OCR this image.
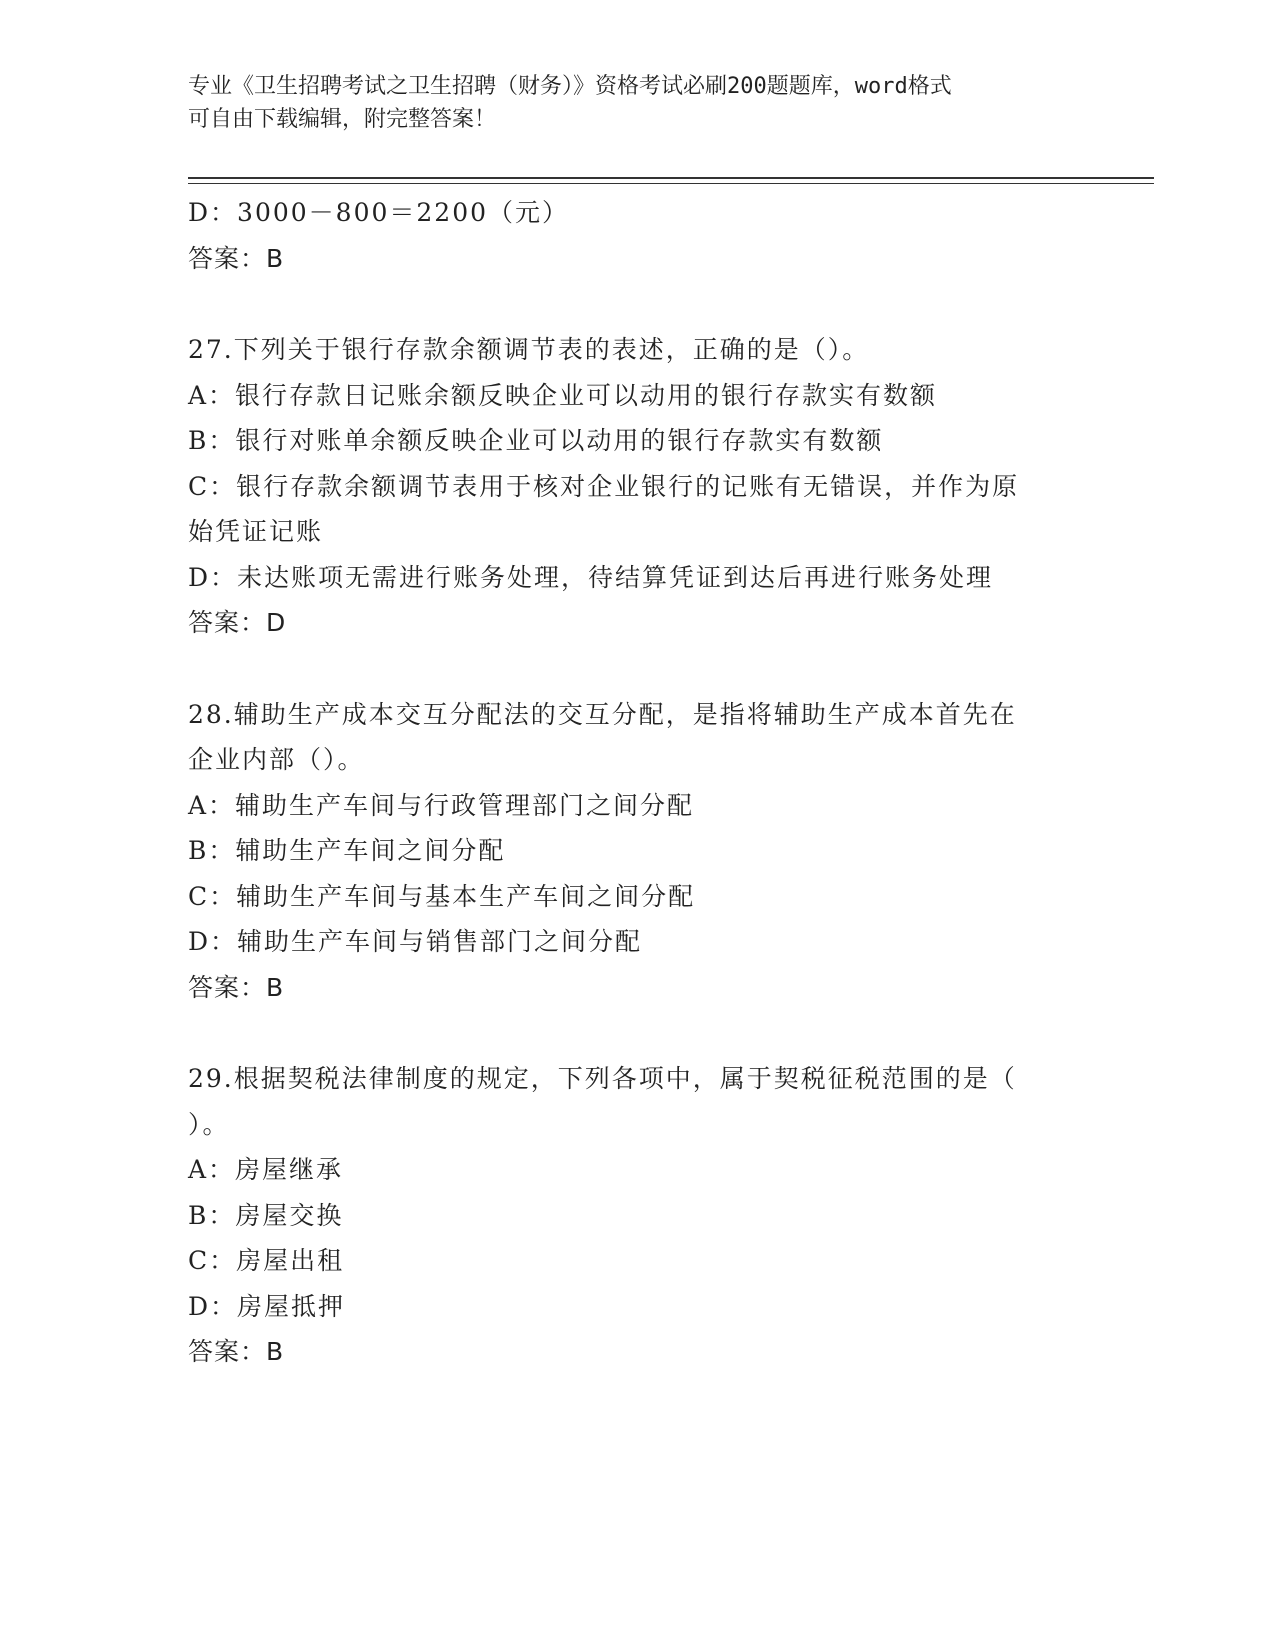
专业《卫生招聘考试之卫生招聘（财务）》资格考试必刷200题题库，word格式
可自由下载编辑，附完整答案！
D：3000－800＝2200（元）
答案：B
27.下列关于银行存款余额调节表的表述，正确的是（）。
A：银行存款日记账余额反映企业可以动用的银行存款实有数额
B：银行对账单余额反映企业可以动用的银行存款实有数额
C：银行存款余额调节表用于核对企业银行的记账有无错误，并作为原
始凭证记账
D：未达账项无需进行账务处理，待结算凭证到达后再进行账务处理
答案：D
28.辅助生产成本交互分配法的交互分配，是指将辅助生产成本首先在
企业内部（）。
A：辅助生产车间与行政管理部门之间分配
B：辅助生产车间之间分配
C：辅助生产车间与基本生产车间之间分配
D：辅助生产车间与销售部门之间分配
答案：B
29.根据契税法律制度的规定，下列各项中，属于契税征税范围的是（
）。
A：房屋继承
B：房屋交换
C：房屋出租
D：房屋抵押
答案：B
